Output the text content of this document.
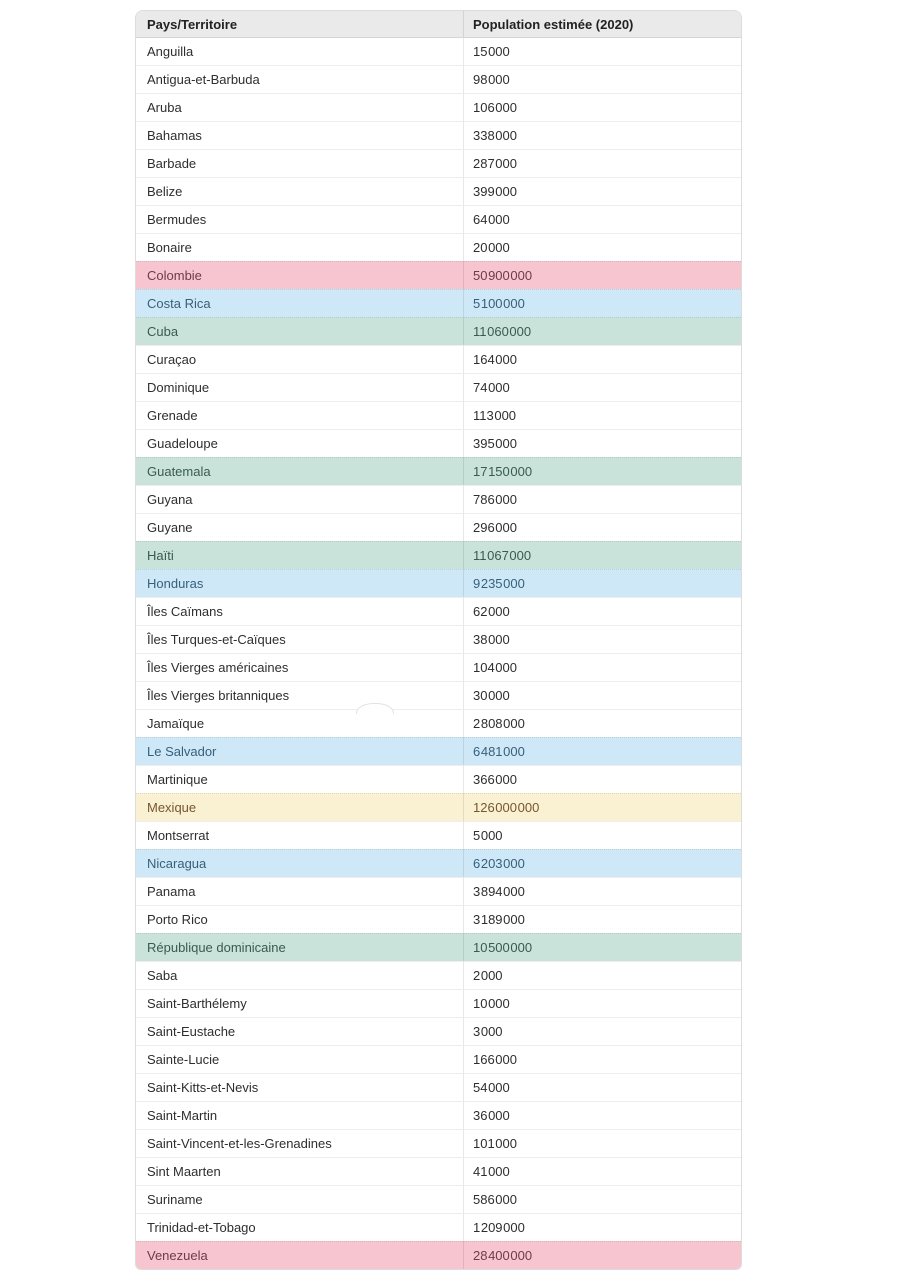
Pays/Territoire	Population estimée (2020)
Anguilla	15 000
Antigua-et-Barbuda	98 000
Aruba	106 000
Bahamas	338 000
Barbade	287 000
Belize	399 000
Bermudes	64 000
Bonaire	20 000
Colombie	50 900 000
Costa Rica	5 100 000
Cuba	11 060 000
Curaçao	164 000
Dominique	74 000
Grenade	113 000
Guadeloupe	395 000
Guatemala	17 150 000
Guyana	786 000
Guyane	296 000
Haïti	11 067 000
Honduras	9 235 000
Îles Caïmans	62 000
Îles Turques-et-Caïques	38 000
Îles Vierges américaines	104 000
Îles Vierges britanniques	30 000
Jamaïque	2 808 000
Le Salvador	6 481 000
Martinique	366 000
Mexique	126 000 000
Montserrat	5 000
Nicaragua	6 203 000
Panama	3 894 000
Porto Rico	3 189 000
République dominicaine	10 500 000
Saba	2 000
Saint-Barthélemy	10 000
Saint-Eustache	3 000
Sainte-Lucie	166 000
Saint-Kitts-et-Nevis	54 000
Saint-Martin	36 000
Saint-Vincent-et-les-Grenadines	101 000
Sint Maarten	41 000
Suriname	586 000
Trinidad-et-Tobago	1 209 000
Venezuela	28 400 000
